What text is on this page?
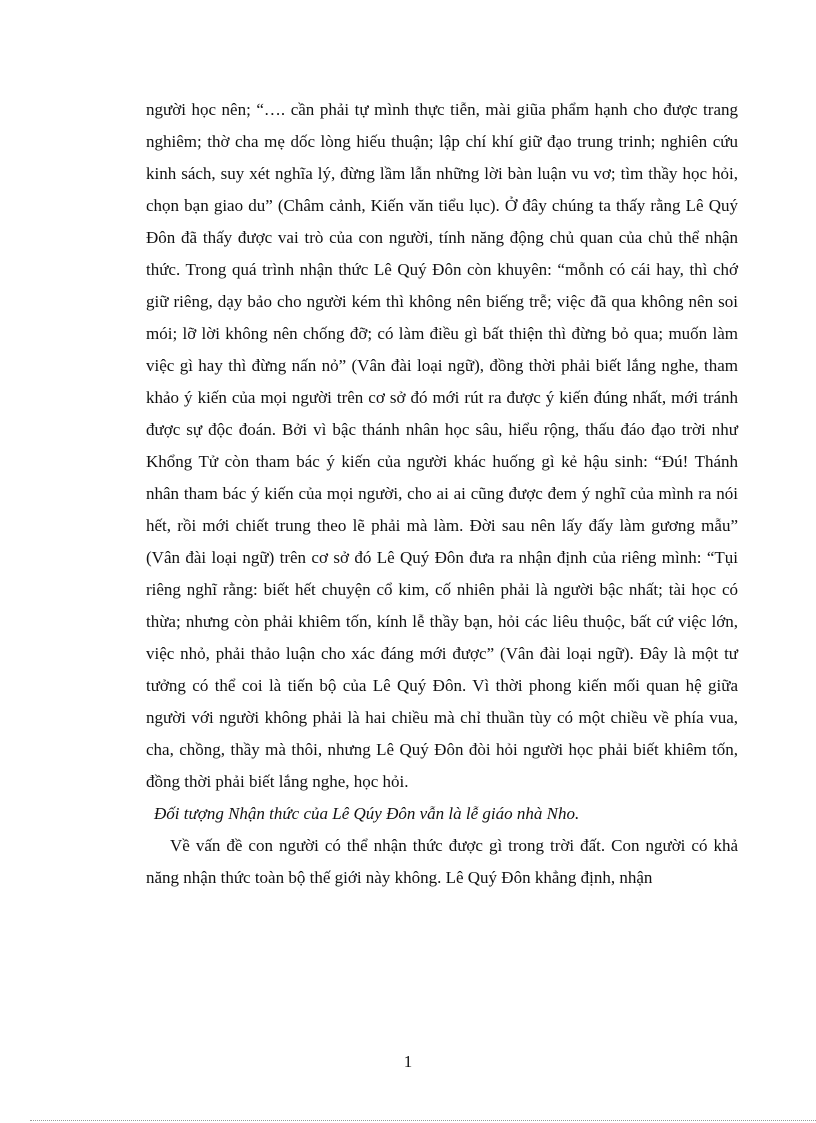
người học nên; “…. cần phải tự mình thực tiễn, mài giũa phẩm hạnh cho được trang nghiêm; thờ cha mẹ dốc lòng hiếu thuận; lập chí khí giữ đạo trung trinh; nghiên cứu kinh sách, suy xét nghĩa lý, đừng lầm lẫn những lời bàn luận vu vơ; tìm thầy học hỏi, chọn bạn giao du” (Châm cảnh, Kiến văn tiểu lục). Ở đây chúng ta thấy rằng Lê Quý Đôn đã thấy được vai trò của con người, tính năng động chủ quan của chủ thể nhận thức. Trong quá trình nhận thức Lê Quý Đôn còn khuyên: “mỗnh có cái hay, thì chớ giữ riêng, dạy bảo cho người kém thì không nên biếng trễ; việc đã qua không nên soi mói; lỡ lời không nên chống đỡ; có làm điều gì bất thiện thì đừng bỏ qua; muốn làm việc gì hay thì đừng nấn nỏ” (Vân đài loại ngữ), đồng thời phải biết lắng nghe, tham khảo ý kiến của mọi người trên cơ sở đó mới rút ra được ý kiến đúng nhất, mới tránh được sự độc đoán. Bởi vì bậc thánh nhân học sâu, hiểu rộng, thấu đáo đạo trời như Khổng Tử còn tham bác ý kiến của người khác huống gì kẻ hậu sinh: “Đú! Thánh nhân tham bác ý kiến của mọi người, cho ai ai cũng được đem ý nghĩ của mình ra nói hết, rồi mới chiết trung theo lẽ phải mà làm. Đời sau nên lấy đấy làm gương mẫu” (Vân đài loại ngữ) trên cơ sở đó Lê Quý Đôn đưa ra nhận định của riêng mình: “Tụi riêng nghĩ rằng: biết hết chuyện cổ kim, cố nhiên phải là người bậc nhất; tài học có thừa; nhưng còn phải khiêm tốn, kính lễ thầy bạn, hỏi các liêu thuộc, bất cứ việc lớn, việc nhỏ, phải thảo luận cho xác đáng mới được” (Vân đài loại ngữ). Đây là một tư tưởng có thể coi là tiến bộ của Lê Quý Đôn. Vì thời phong kiến mối quan hệ giữa người với người không phải là hai chiều mà chỉ thuần tùy có một chiều về phía vua, cha, chồng, thầy mà thôi, nhưng Lê Quý Đôn đòi hỏi người học phải biết khiêm tốn, đồng thời phải biết lắng nghe, học hỏi.

Đối tượng Nhận thức của Lê Qúy Đôn vẫn là lễ giáo nhà Nho.

Về vấn đề con người có thể nhận thức được gì trong trời đất. Con người có khả năng nhận thức toàn bộ thế giới này không. Lê Quý Đôn khẳng định, nhận

1
